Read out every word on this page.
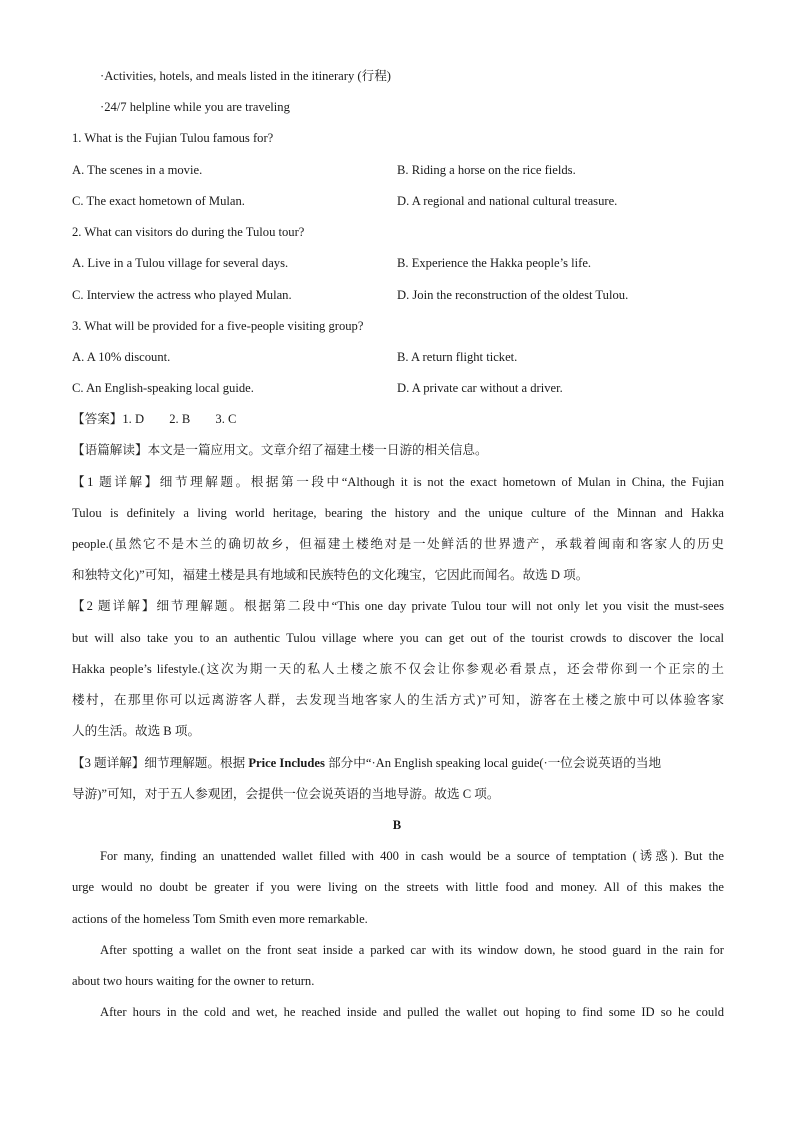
·Activities, hotels, and meals listed in the itinerary (行程)
·24/7 helpline while you are traveling
1. What is the Fujian Tulou famous for?
A. The scenes in a movie.	B. Riding a horse on the rice fields.
C. The exact hometown of Mulan.	D. A regional and national cultural treasure.
2. What can visitors do during the Tulou tour?
A. Live in a Tulou village for several days.	B. Experience the Hakka people’s life.
C. Interview the actress who played Mulan.	D. Join the reconstruction of the oldest Tulou.
3. What will be provided for a five-people visiting group?
A. A 10% discount.	B. A return flight ticket.
C. An English-speaking local guide.	D. A private car without a driver.
【答案】1. D        2. B        3. C
【语篇解读】本文是一篇应用文。文章介绍了福建土楼一日游的相关信息。
【1 题详解】细节理解题。根据第一段中“Although it is not the exact hometown of Mulan in China, the Fujian
Tulou is definitely a living world heritage, bearing the history and the unique culture of the Minnan and Hakka
people.(虽然它不是木兰的确切故乡，但福建土楼绝对是一处鲜活的世界遗产，承载着闽南和客家人的历史
和独特文化)”可知，福建土楼是具有地域和民族特色的文化瑰宝，它因此而闻名。故选 D 项。
【2 题详解】细节理解题。根据第二段中“This one day private Tulou tour will not only let you visit the must-sees
but will also take you to an authentic Tulou village where you can get out of the tourist crowds to discover the local
Hakka people’s lifestyle.(这次为期一天的私人土楼之旅不仅会让你参观必看景点，还会带你到一个正宗的土
楼村，在那里你可以远离游客人群，去发现当地客家人的生活方式)”可知，游客在土楼之旅中可以体验客家
人的生活。故选 B 项。
【3 题详解】细节理解题。根据 Price Includes 部分中“·An English speaking local guide(·一位会说英语的当地
导游)”可知，对于五人参观团，会提供一位会说英语的当地导游。故选 C 项。
B
For many, finding an unattended wallet filled with 400 in cash would be a source of temptation (诱惑). But the
urge would no doubt be greater if you were living on the streets with little food and money. All of this makes the
actions of the homeless Tom Smith even more remarkable.
After spotting a wallet on the front seat inside a parked car with its window down, he stood guard in the rain for
about two hours waiting for the owner to return.
After hours in the cold and wet, he reached inside and pulled the wallet out hoping to find some ID so he could
